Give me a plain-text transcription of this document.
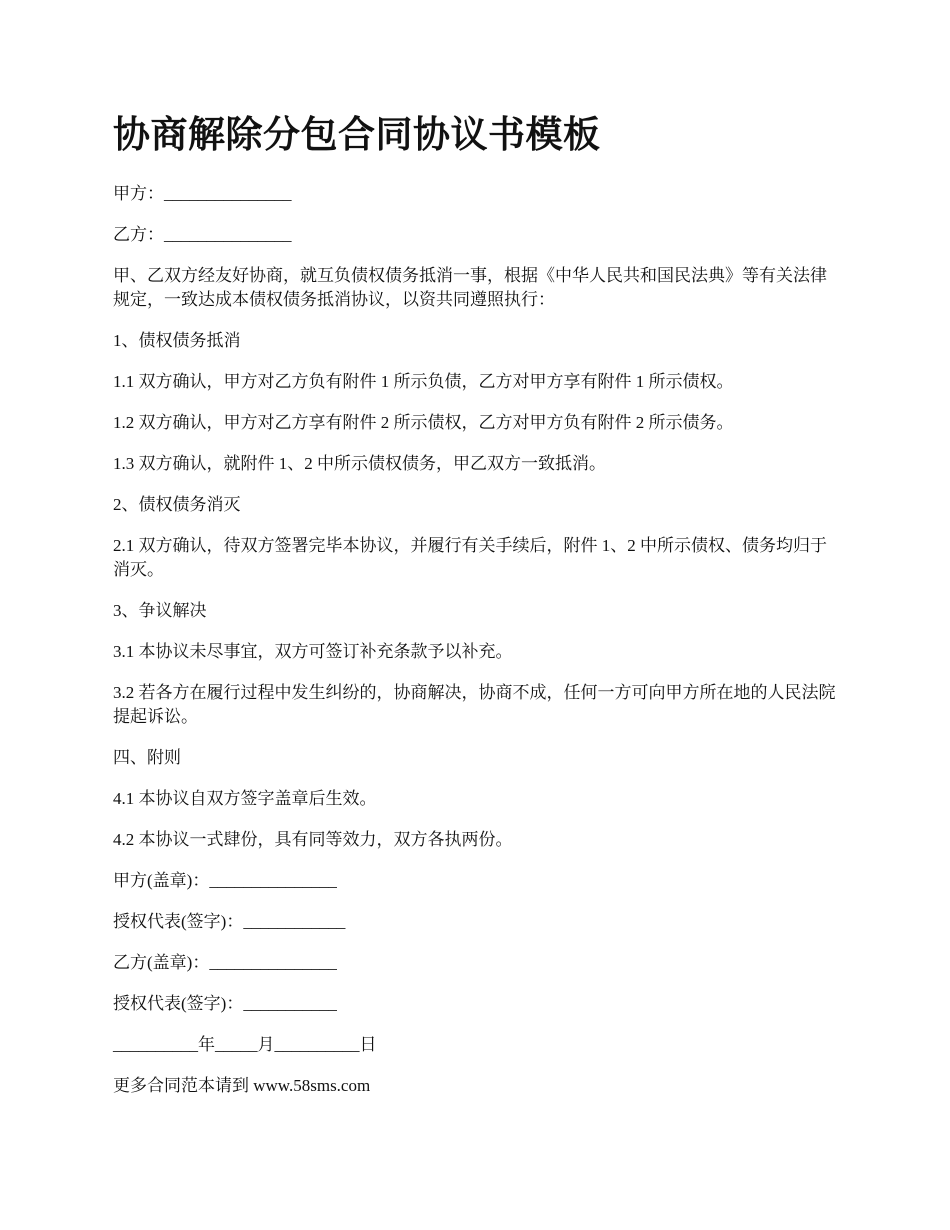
协商解除分包合同协议书模板

甲方：_______________

乙方：_______________

甲、乙双方经友好协商，就互负债权债务抵消一事，根据《中华人民共和国民法典》等有关法律规定，一致达成本债权债务抵消协议，以资共同遵照执行：

1、债权债务抵消

1.1 双方确认，甲方对乙方负有附件 1 所示负债，乙方对甲方享有附件 1 所示债权。

1.2 双方确认，甲方对乙方享有附件 2 所示债权，乙方对甲方负有附件 2 所示债务。

1.3 双方确认，就附件 1、2 中所示债权债务，甲乙双方一致抵消。

2、债权债务消灭

2.1 双方确认，待双方签署完毕本协议，并履行有关手续后，附件 1、2 中所示债权、债务均归于消灭。

3、争议解决

3.1 本协议未尽事宜，双方可签订补充条款予以补充。

3.2 若各方在履行过程中发生纠纷的，协商解决，协商不成，任何一方可向甲方所在地的人民法院提起诉讼。

四、附则

4.1 本协议自双方签字盖章后生效。

4.2 本协议一式肆份，具有同等效力，双方各执两份。

甲方(盖章)：_______________

授权代表(签字)：____________

乙方(盖章)：_______________

授权代表(签字)：___________

__________年_____月__________日

更多合同范本请到 www.58sms.com
